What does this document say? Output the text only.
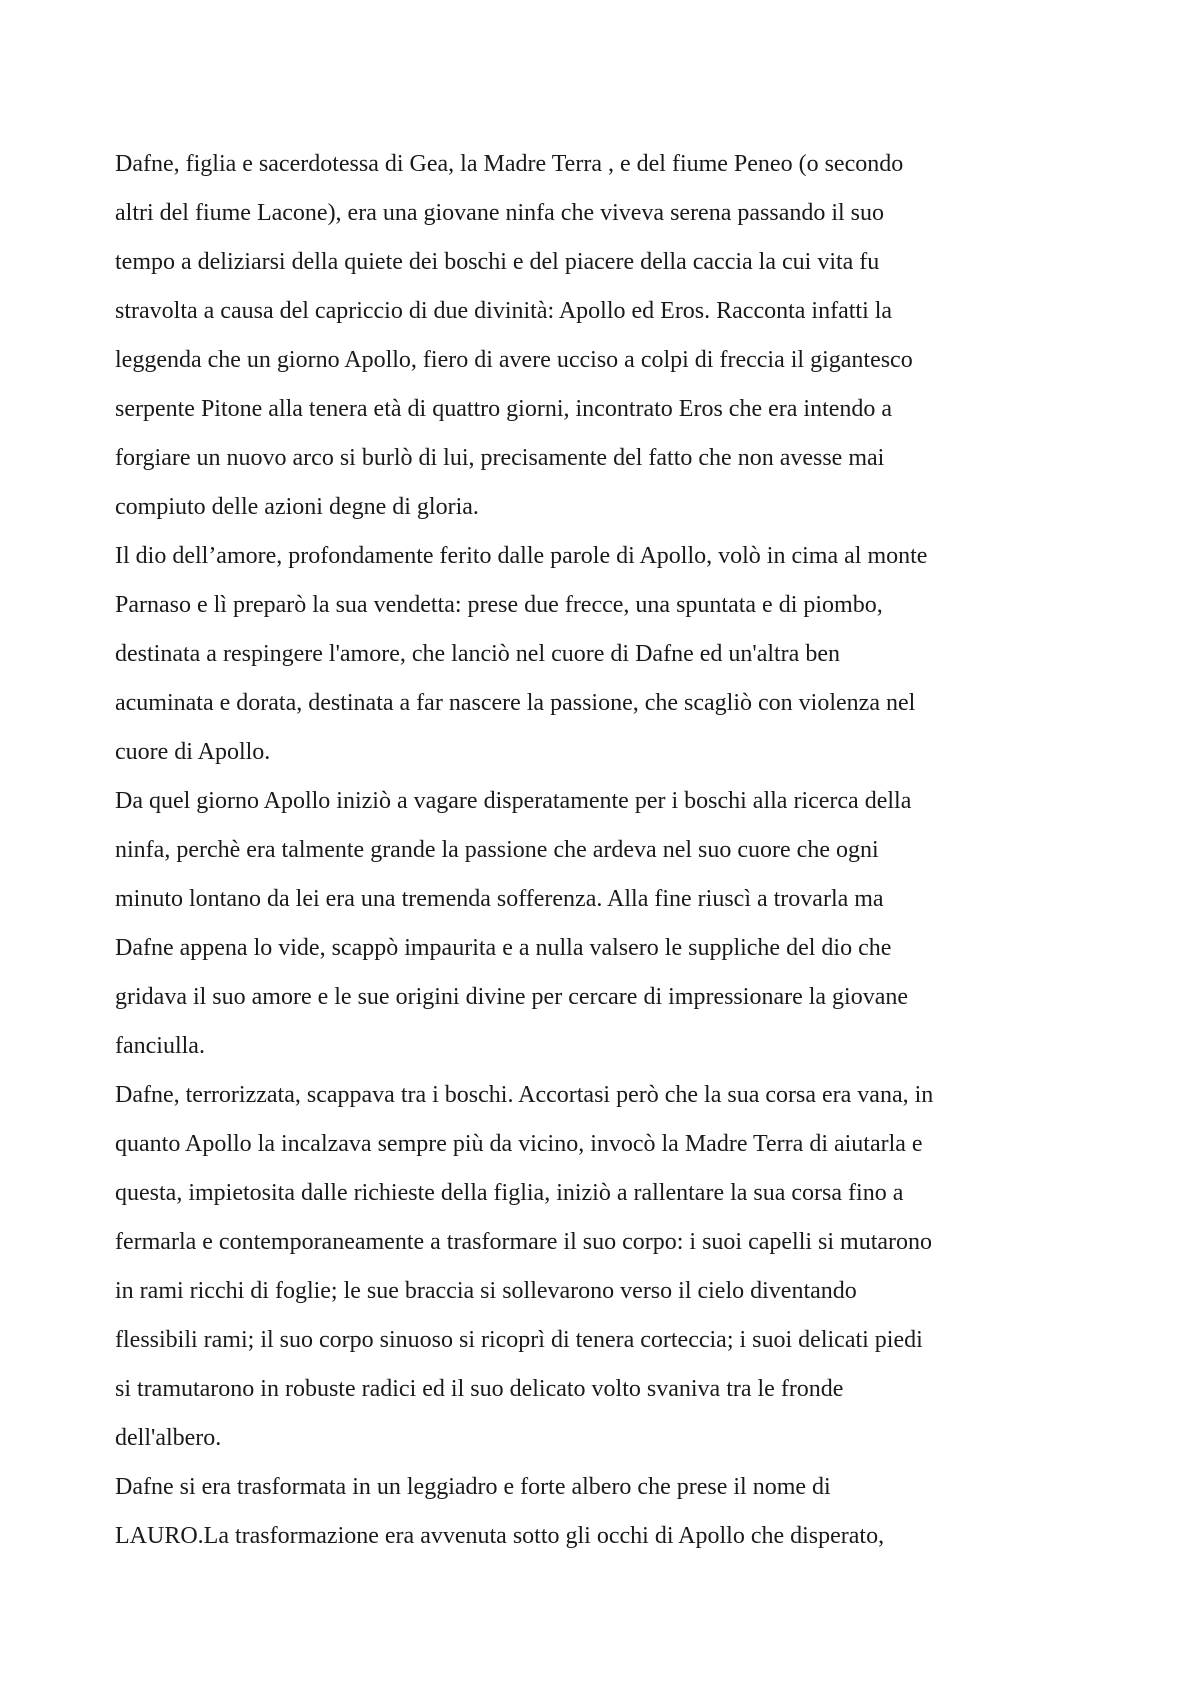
Dafne, figlia e sacerdotessa di Gea, la Madre Terra , e del fiume Peneo (o secondo
altri del fiume Lacone), era una giovane ninfa che viveva serena passando il suo
tempo a deliziarsi della quiete dei boschi e del piacere della caccia la cui vita fu
stravolta a causa del capriccio di due divinità: Apollo ed Eros. Racconta infatti la
leggenda che un giorno Apollo, fiero di avere ucciso a colpi di freccia il gigantesco
serpente Pitone alla tenera età di quattro giorni, incontrato Eros che era intendo a
forgiare un nuovo arco si burlò di lui, precisamente del fatto che non avesse mai
compiuto delle azioni degne di gloria.
Il dio dell’amore, profondamente ferito dalle parole di Apollo, volò in cima al monte
Parnaso e lì preparò la sua vendetta: prese due frecce, una spuntata e di piombo,
destinata a respingere l'amore, che lanciò nel cuore di Dafne ed un'altra ben
acuminata e dorata, destinata a far nascere la passione, che scagliò con violenza nel
cuore di Apollo.
Da quel giorno Apollo iniziò a vagare disperatamente per i boschi alla ricerca della
ninfa, perchè era talmente grande la passione che ardeva nel suo cuore che ogni
minuto lontano da lei era una tremenda sofferenza. Alla fine riuscì a trovarla ma
Dafne appena lo vide, scappò impaurita e a nulla valsero le suppliche del dio che
gridava il suo amore e le sue origini divine per cercare di impressionare la giovane
fanciulla.
Dafne, terrorizzata, scappava tra i boschi. Accortasi però che la sua corsa era vana, in
quanto Apollo la incalzava sempre più da vicino, invocò la Madre Terra di aiutarla e
questa, impietosita dalle richieste della figlia, iniziò a rallentare la sua corsa fino a
fermarla e contemporaneamente a trasformare il suo corpo: i suoi capelli si mutarono
in rami ricchi di foglie; le sue braccia si sollevarono verso il cielo diventando
flessibili rami; il suo corpo sinuoso si ricoprì di tenera corteccia; i suoi delicati piedi
si tramutarono in robuste radici ed il suo delicato volto svaniva tra le fronde
dell'albero.
Dafne si era trasformata in un leggiadro e forte albero che prese il nome di
LAURO.La trasformazione era avvenuta sotto gli occhi di Apollo che disperato,
